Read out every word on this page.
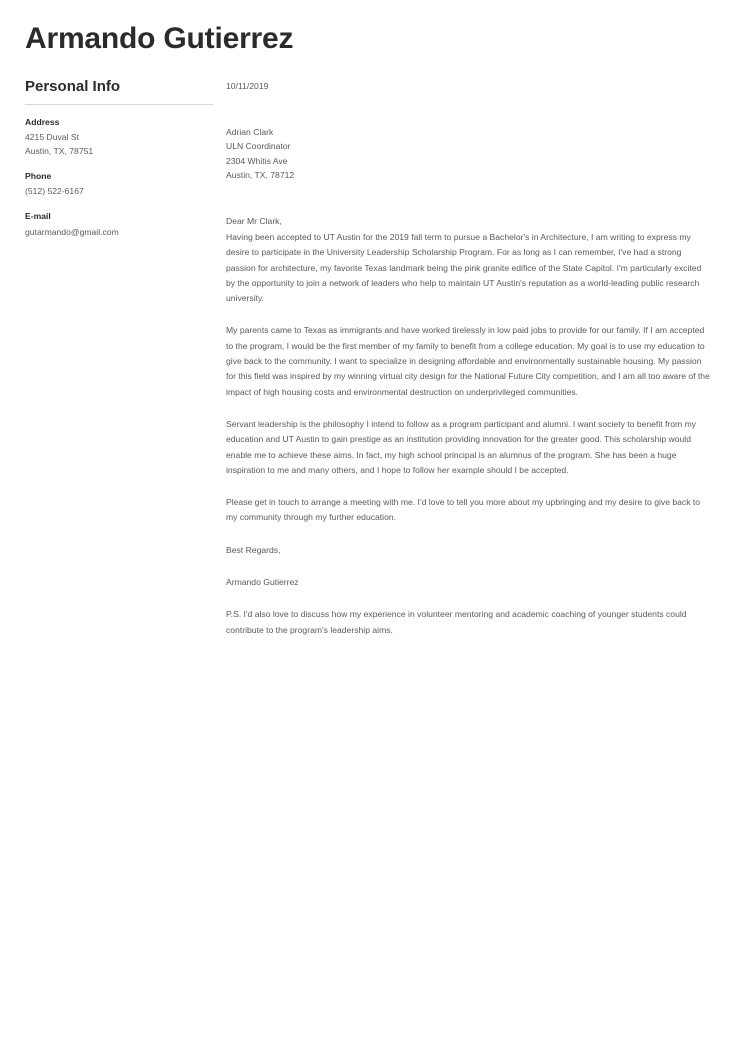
Armando Gutierrez
Personal Info

Address

4215 Duval St

Austin, TX, 78751

Phone

(512) 522-6167

E-mail

gutarmando@gmail.com

10/11/2019

Adrian Clark

ULN Coordinator

2304 Whitis Ave

Austin, TX, 78712

Dear Mr Clark,

Having been accepted to UT Austin for the 2019 fall term to pursue a Bachelor's in Architecture, I am writing to express my desire to participate in the University Leadership Scholarship Program. For as long as I can remember, I've had a strong passion for architecture, my favorite Texas landmark being the pink granite edifice of the State Capitol. I'm particularly excited by the opportunity to join a network of leaders who help to maintain UT Austin's reputation as a world-leading public research university.

My parents came to Texas as immigrants and have worked tirelessly in low paid jobs to provide for our family. If I am accepted to the program, I would be the first member of my family to benefit from a college education. My goal is to use my education to give back to the community. I want to specialize in designing affordable and environmentally sustainable housing. My passion for this field was inspired by my winning virtual city design for the National Future City competition, and I am all too aware of the impact of high housing costs and environmental destruction on underprivileged communities.

Servant leadership is the philosophy I intend to follow as a program participant and alumni. I want society to benefit from my education and UT Austin to gain prestige as an institution providing innovation for the greater good. This scholarship would enable me to achieve these aims. In fact, my high school principal is an alumnus of the program. She has been a huge inspiration to me and many others, and I hope to follow her example should I be accepted.

Please get in touch to arrange a meeting with me. I'd love to tell you more about my upbringing and my desire to give back to my community through my further education.

Best Regards,

Armando Gutierrez

P.S. I'd also love to discuss how my experience in volunteer mentoring and academic coaching of younger students could contribute to the program's leadership aims.
